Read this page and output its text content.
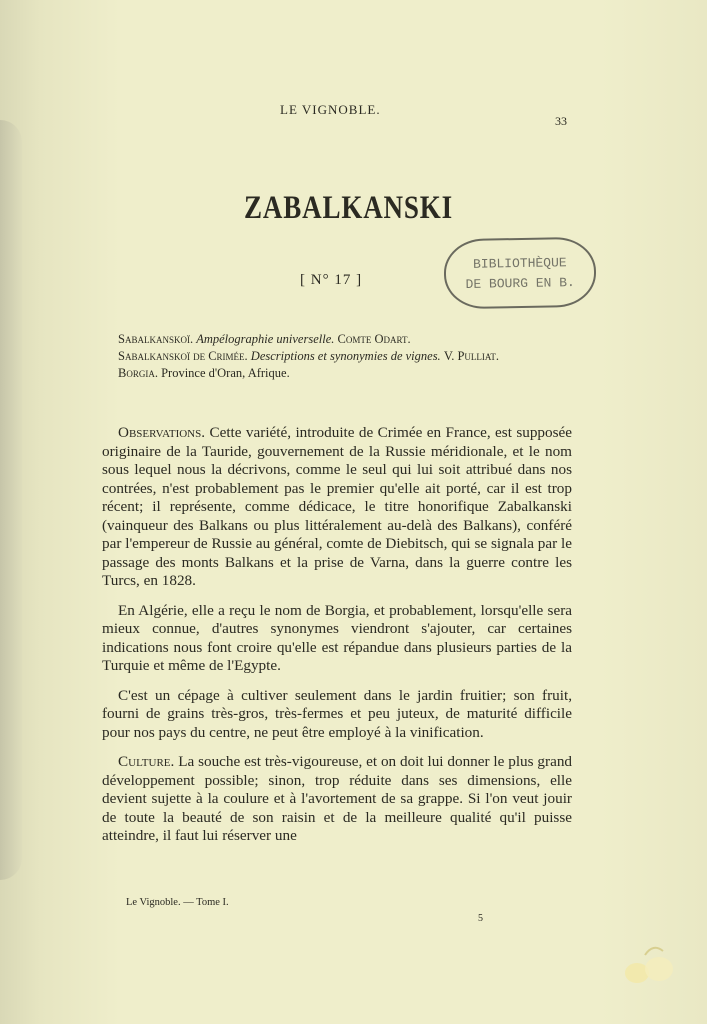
LE VIGNOBLE.
33
ZABALKANSKI
[ N° 17 ]
BIBLIOTHÈQUE
DE BOURG EN B.
Sabalkanskoï. Ampélographie universelle. Comte Odart.
Sabalkanskoï de Crimée. Descriptions et synonymies de vignes. V. Pulliat.
Borgia. Province d'Oran, Afrique.

Observations. Cette variété, introduite de Crimée en France, est supposée originaire de la Tauride, gouvernement de la Russie méridionale, et le nom sous lequel nous la décrivons, comme le seul qui lui soit attribué dans nos contrées, n'est probablement pas le premier qu'elle ait porté, car il est trop récent; il représente, comme dédicace, le titre honorifique Zabalkanski (vainqueur des Balkans ou plus littéralement au-delà des Balkans), conféré par l'empereur de Russie au général, comte de Diebitsch, qui se signala par le passage des monts Balkans et la prise de Varna, dans la guerre contre les Turcs, en 1828.

En Algérie, elle a reçu le nom de Borgia, et probablement, lorsqu'elle sera mieux connue, d'autres synonymes viendront s'ajouter, car certaines indications nous font croire qu'elle est répandue dans plusieurs parties de la Turquie et même de l'Egypte.

C'est un cépage à cultiver seulement dans le jardin fruitier; son fruit, fourni de grains très-gros, très-fermes et peu juteux, de maturité difficile pour nos pays du centre, ne peut être employé à la vinification.

Culture. La souche est très-vigoureuse, et on doit lui donner le plus grand développement possible; sinon, trop réduite dans ses dimensions, elle devient sujette à la coulure et à l'avortement de sa grappe. Si l'on veut jouir de toute la beauté de son raisin et de la meilleure qualité qu'il puisse atteindre, il faut lui réserver une

Le Vignoble. — Tome I.
5
